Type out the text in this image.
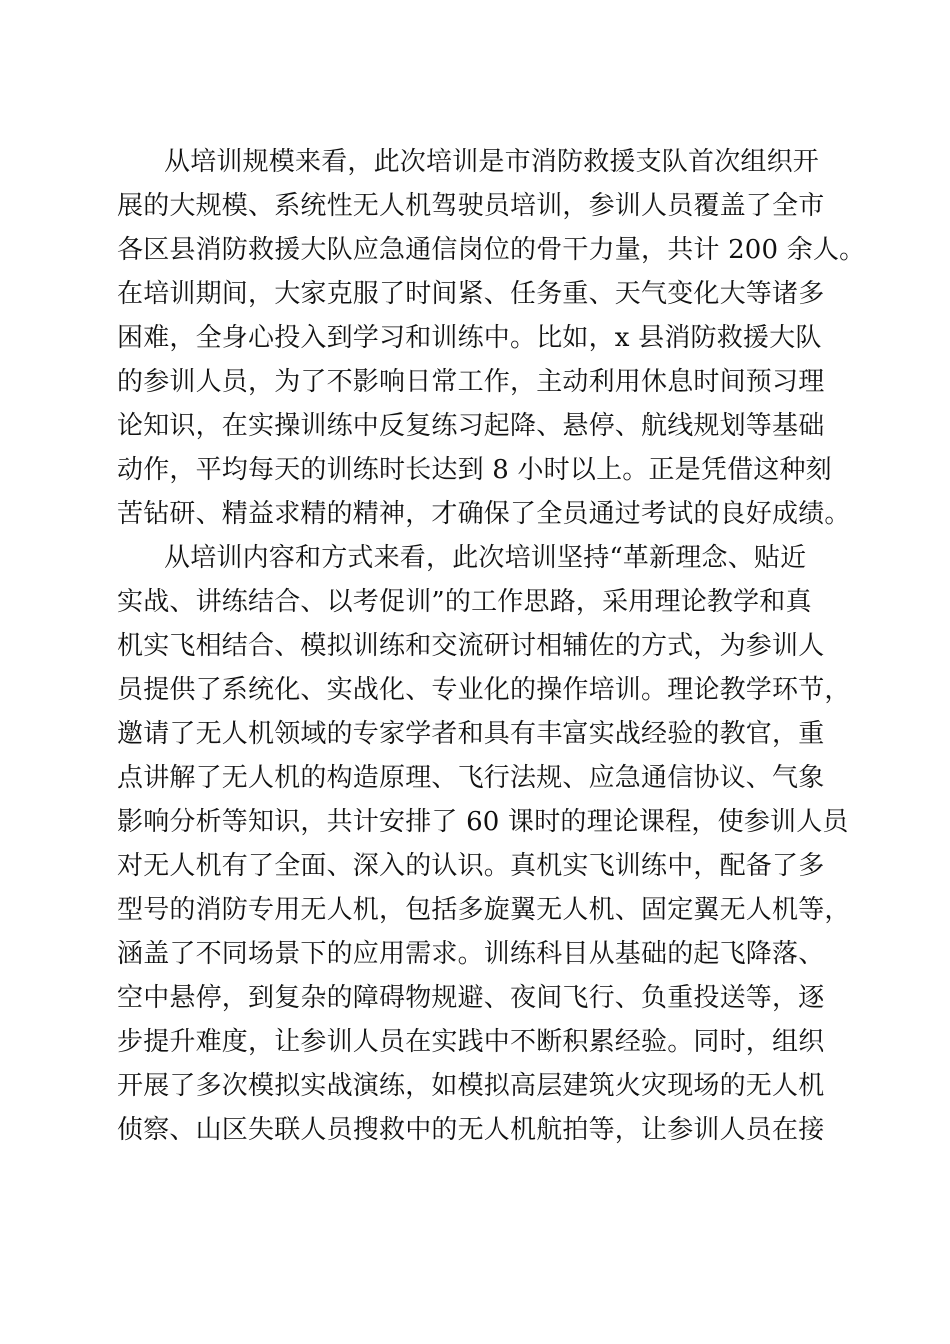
从培训规模来看，此次培训是市消防救援支队首次组织开
展的大规模、系统性无人机驾驶员培训，参训人员覆盖了全市
各区县消防救援大队应急通信岗位的骨干力量，共计 200 余人。
在培训期间，大家克服了时间紧、任务重、天气变化大等诸多
困难，全身心投入到学习和训练中。比如，x 县消防救援大队
的参训人员，为了不影响日常工作，主动利用休息时间预习理
论知识，在实操训练中反复练习起降、悬停、航线规划等基础
动作，平均每天的训练时长达到 8 小时以上。正是凭借这种刻
苦钻研、精益求精的精神，才确保了全员通过考试的良好成绩。
从培训内容和方式来看，此次培训坚持“革新理念、贴近
实战、讲练结合、以考促训”的工作思路，采用理论教学和真
机实飞相结合、模拟训练和交流研讨相辅佐的方式，为参训人
员提供了系统化、实战化、专业化的操作培训。理论教学环节，
邀请了无人机领域的专家学者和具有丰富实战经验的教官，重
点讲解了无人机的构造原理、飞行法规、应急通信协议、气象
影响分析等知识，共计安排了 60 课时的理论课程，使参训人员
对无人机有了全面、深入的认识。真机实飞训练中，配备了多
型号的消防专用无人机，包括多旋翼无人机、固定翼无人机等，
涵盖了不同场景下的应用需求。训练科目从基础的起飞降落、
空中悬停，到复杂的障碍物规避、夜间飞行、负重投送等，逐
步提升难度，让参训人员在实践中不断积累经验。同时，组织
开展了多次模拟实战演练，如模拟高层建筑火灾现场的无人机
侦察、山区失联人员搜救中的无人机航拍等，让参训人员在接
